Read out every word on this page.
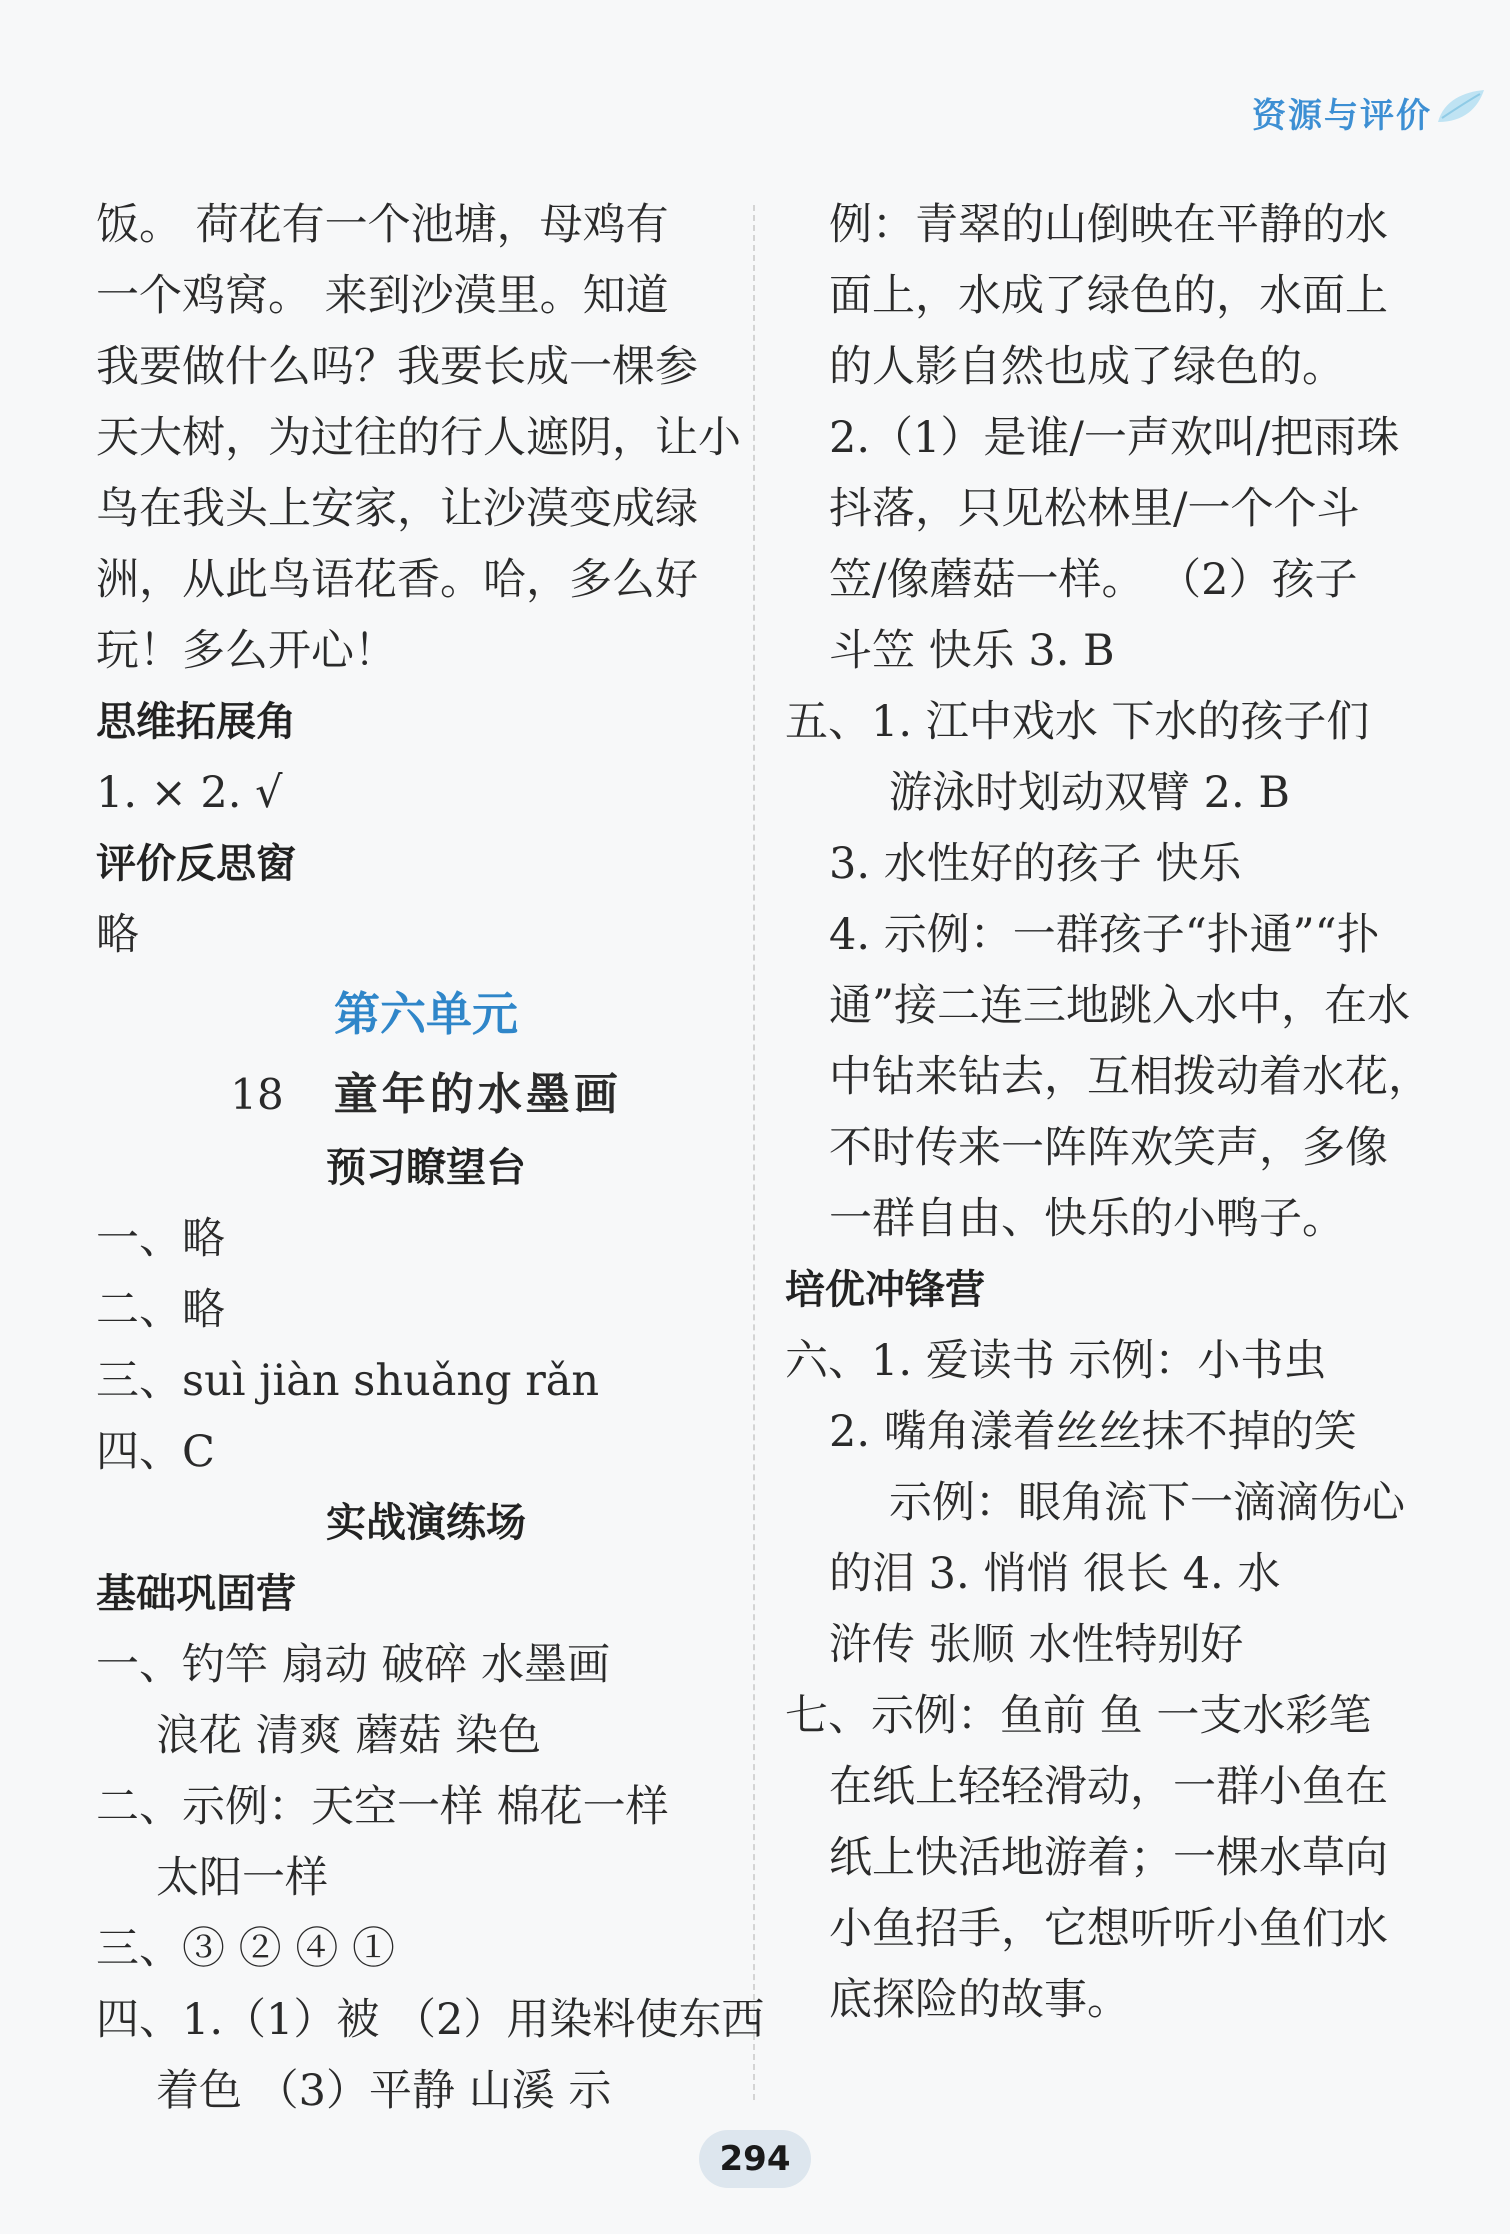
资源与评价
饭。 荷花有一个池塘，母鸡有
一个鸡窝。 来到沙漠里。知道
我要做什么吗？我要长成一棵参
天大树，为过往的行人遮阴，让小
鸟在我头上安家，让沙漠变成绿
洲，从此鸟语花香。哈，多么好
玩！多么开心！
思维拓展角
1. × 2. √
评价反思窗
略
第六单元
18 童年的水墨画
预习瞭望台
一、略
二、略
三、suì jiàn shuǎng rǎn
四、C
实战演练场
基础巩固营
一、钓竿 扇动 破碎 水墨画
浪花 清爽 蘑菇 染色
二、示例：天空一样 棉花一样
太阳一样
三、③ ② ④ ①
四、1.（1）被 （2）用染料使东西
着色 （3）平静 山溪 示
例：青翠的山倒映在平静的水
面上，水成了绿色的，水面上
的人影自然也成了绿色的。
2.（1）是谁/一声欢叫/把雨珠
抖落，只见松林里/一个个斗
笠/像蘑菇一样。 （2）孩子
斗笠 快乐 3. B
五、1. 江中戏水 下水的孩子们
游泳时划动双臂 2. B
3. 水性好的孩子 快乐
4. 示例：一群孩子“扑通”“扑
通”接二连三地跳入水中，在水
中钻来钻去，互相拨动着水花，
不时传来一阵阵欢笑声，多像
一群自由、快乐的小鸭子。
培优冲锋营
六、1. 爱读书 示例：小书虫
2. 嘴角漾着丝丝抹不掉的笑
示例：眼角流下一滴滴伤心
的泪 3. 悄悄 很长 4. 水
浒传 张顺 水性特别好
七、示例：鱼前 鱼 一支水彩笔
在纸上轻轻滑动，一群小鱼在
纸上快活地游着；一棵水草向
小鱼招手，它想听听小鱼们水
底探险的故事。
294
